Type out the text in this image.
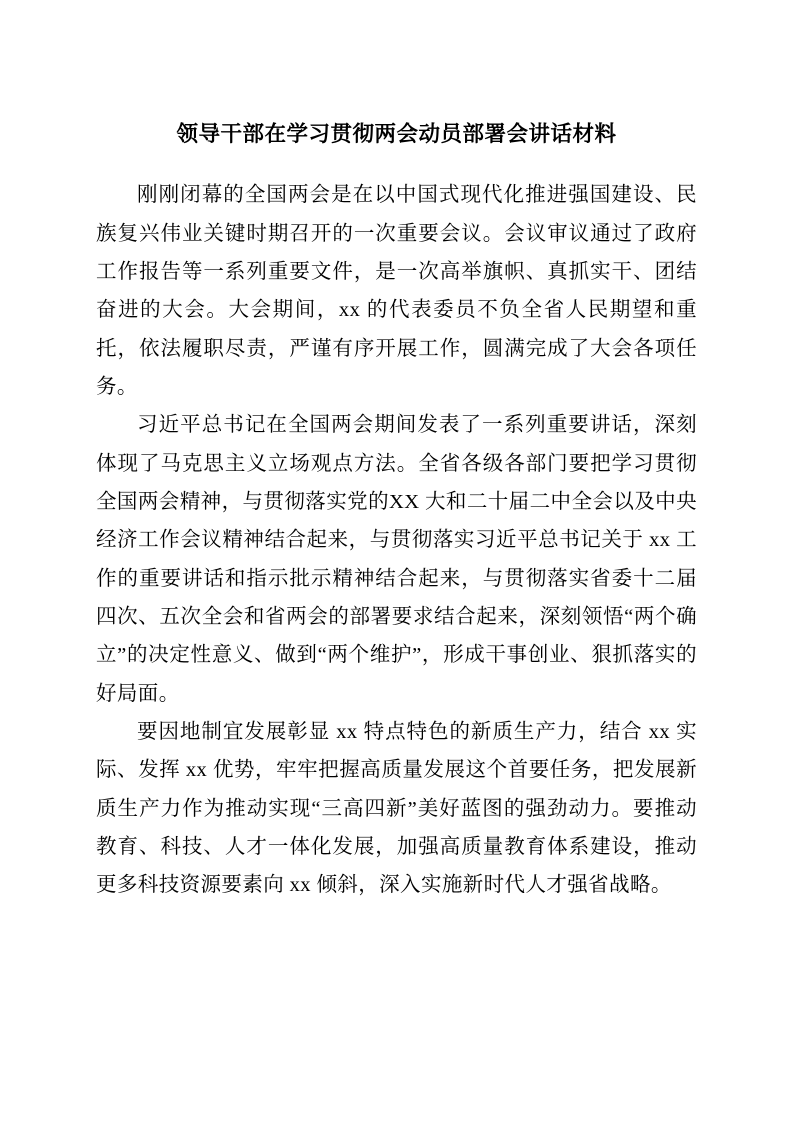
领导干部在学习贯彻两会动员部署会讲话材料

刚刚闭幕的全国两会是在以中国式现代化推进强国建设、民族复兴伟业关键时期召开的一次重要会议。会议审议通过了政府工作报告等一系列重要文件，是一次高举旗帜、真抓实干、团结奋进的大会。大会期间，xx 的代表委员不负全省人民期望和重托，依法履职尽责，严谨有序开展工作，圆满完成了大会各项任务。

习近平总书记在全国两会期间发表了一系列重要讲话，深刻体现了马克思主义立场观点方法。全省各级各部门要把学习贯彻全国两会精神，与贯彻落实党的XX 大和二十届二中全会以及中央经济工作会议精神结合起来，与贯彻落实习近平总书记关于 xx 工作的重要讲话和指示批示精神结合起来，与贯彻落实省委十二届四次、五次全会和省两会的部署要求结合起来，深刻领悟“两个确立”的决定性意义、做到“两个维护”，形成干事创业、狠抓落实的好局面。

要因地制宜发展彰显 xx 特点特色的新质生产力，结合 xx 实际、发挥 xx 优势，牢牢把握高质量发展这个首要任务，把发展新质生产力作为推动实现“三高四新”美好蓝图的强劲动力。要推动教育、科技、人才一体化发展，加强高质量教育体系建设，推动更多科技资源要素向 xx 倾斜，深入实施新时代人才强省战略。
